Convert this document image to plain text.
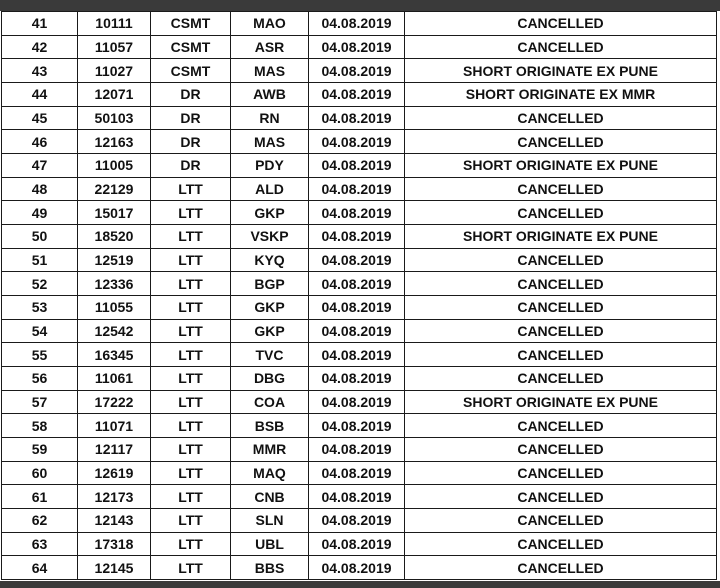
41	10111	CSMT	MAO	04.08.2019	CANCELLED
42	11057	CSMT	ASR	04.08.2019	CANCELLED
43	11027	CSMT	MAS	04.08.2019	SHORT ORIGINATE EX PUNE
44	12071	DR	AWB	04.08.2019	SHORT ORIGINATE EX MMR
45	50103	DR	RN	04.08.2019	CANCELLED
46	12163	DR	MAS	04.08.2019	CANCELLED
47	11005	DR	PDY	04.08.2019	SHORT ORIGINATE EX PUNE
48	22129	LTT	ALD	04.08.2019	CANCELLED
49	15017	LTT	GKP	04.08.2019	CANCELLED
50	18520	LTT	VSKP	04.08.2019	SHORT ORIGINATE EX PUNE
51	12519	LTT	KYQ	04.08.2019	CANCELLED
52	12336	LTT	BGP	04.08.2019	CANCELLED
53	11055	LTT	GKP	04.08.2019	CANCELLED
54	12542	LTT	GKP	04.08.2019	CANCELLED
55	16345	LTT	TVC	04.08.2019	CANCELLED
56	11061	LTT	DBG	04.08.2019	CANCELLED
57	17222	LTT	COA	04.08.2019	SHORT ORIGINATE EX PUNE
58	11071	LTT	BSB	04.08.2019	CANCELLED
59	12117	LTT	MMR	04.08.2019	CANCELLED
60	12619	LTT	MAQ	04.08.2019	CANCELLED
61	12173	LTT	CNB	04.08.2019	CANCELLED
62	12143	LTT	SLN	04.08.2019	CANCELLED
63	17318	LTT	UBL	04.08.2019	CANCELLED
64	12145	LTT	BBS	04.08.2019	CANCELLED
